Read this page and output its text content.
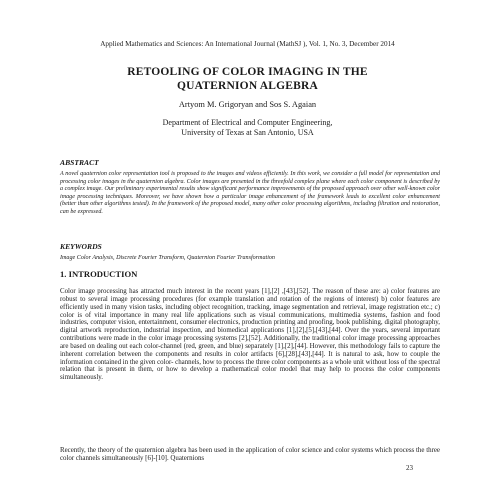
Applied Mathematics and Sciences: An International Journal (MathSJ ), Vol. 1, No. 3, December 2014
RETOOLING OF COLOR IMAGING IN THE
QUATERNION ALGEBRA
Artyom M. Grigoryan and Sos S. Agaian
Department of Electrical and Computer Engineering,
University of Texas at San Antonio, USA
ABSTRACT
A novel quaternion color representation tool is proposed to the images and videos efficiently. In this work, we consider a full model for representation and processing color images in the quaternion algebra. Color images are presented in the threefold complex plane where each color component is described by a complex image. Our preliminary experimental results show significant performance improvements of the proposed approach over other well-known color image processing techniques. Moreover, we have shown how a particular image enhancement of the framework leads to excellent color enhancement (better than other algorithms tested). In the framework of the proposed model, many other color processing algorithms, including filtration and restoration, can be expressed.
KEYWORDS
Image Color Analysis, Discrete Fourier Transform, Quaternion Fourier Transformation
1. INTRODUCTION
Color image processing has attracted much interest in the recent years [1],[2] ,[43],[52]. The reason of these are: a) color features are robust to several image processing procedures (for example translation and rotation of the regions of interest) b) color features are efficiently used in many vision tasks, including object recognition, tracking, image segmentation and retrieval, image registration etc.; c) color is of vital importance in many real life applications such as visual communications, multimedia systems, fashion and food industries, computer vision, entertainment, consumer electronics, production printing and proofing, book publishing, digital photography, digital artwork reproduction, industrial inspection, and biomedical applications [1],[2],[5],[43],[44]. Over the years, several important contributions were made in the color image processing systems [2],[52]. Additionally, the traditional color image processing approaches are based on dealing out each color-channel (red, green, and blue) separately [1],[2],[44]. However, this methodology fails to capture the inherent correlation between the components and results in color artifacts [6],[28],[43],[44]. It is natural to ask, how to couple the information contained in the given color- channels, how to process the three color components as a whole unit without loss of the spectral relation that is present in them, or how to develop a mathematical color model that may help to process the color components simultaneously.
Recently, the theory of the quaternion algebra has been used in the application of color science and color systems which process the three color channels simultaneously [6]-[10]. Quaternions
23
